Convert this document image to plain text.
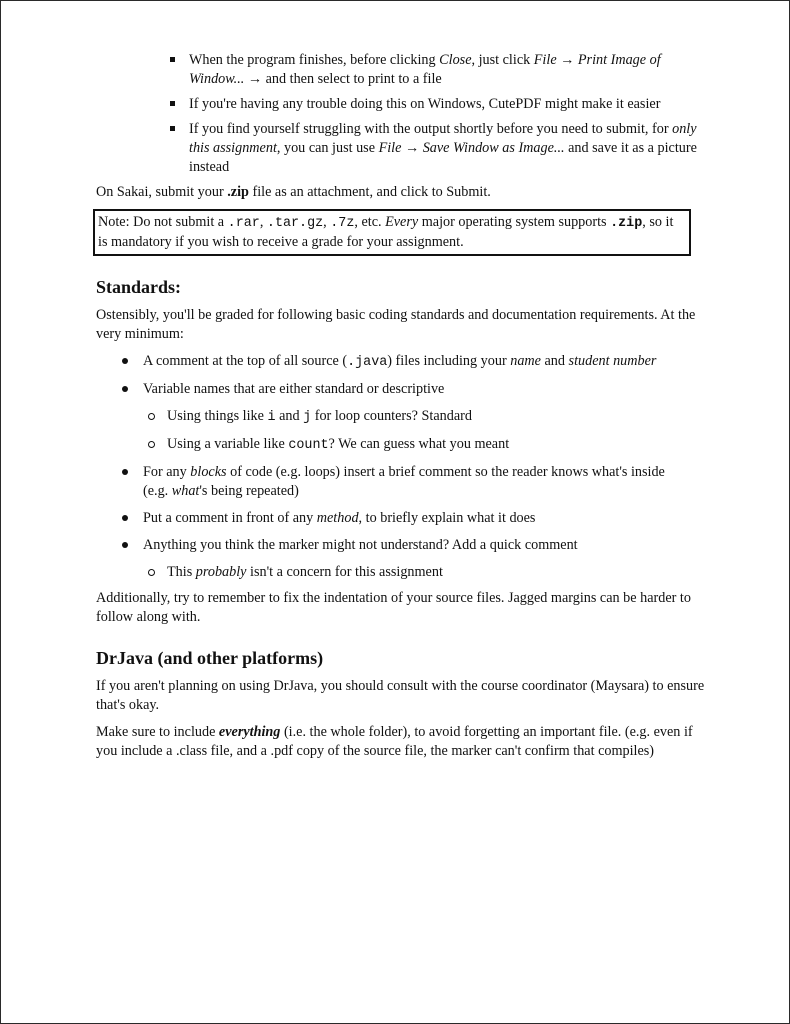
When the program finishes, before clicking Close, just click File → Print Image of Window... → and then select to print to a file
If you're having any trouble doing this on Windows, CutePDF might make it easier
If you find yourself struggling with the output shortly before you need to submit, for only this assignment, you can just use File → Save Window as Image... and save it as a picture instead

On Sakai, submit your .zip file as an attachment, and click to Submit.

Note: Do not submit a .rar, .tar.gz, .7z, etc. Every major operating system supports .zip, so it is mandatory if you wish to receive a grade for your assignment.
Standards:

Ostensibly, you'll be graded for following basic coding standards and documentation requirements. At the very minimum:

A comment at the top of all source (.java) files including your name and student number
Variable names that are either standard or descriptive
Using things like i and j for loop counters? Standard
Using a variable like count? We can guess what you meant
For any blocks of code (e.g. loops) insert a brief comment so the reader knows what's inside (e.g. what's being repeated)
Put a comment in front of any method, to briefly explain what it does
Anything you think the marker might not understand? Add a quick comment
This probably isn't a concern for this assignment

Additionally, try to remember to fix the indentation of your source files. Jagged margins can be harder to follow along with.

DrJava (and other platforms)

If you aren't planning on using DrJava, you should consult with the course coordinator (Maysara) to ensure that's okay.

Make sure to include everything (i.e. the whole folder), to avoid forgetting an important file. (e.g. even if you include a .class file, and a .pdf copy of the source file, the marker can't confirm that compiles)
